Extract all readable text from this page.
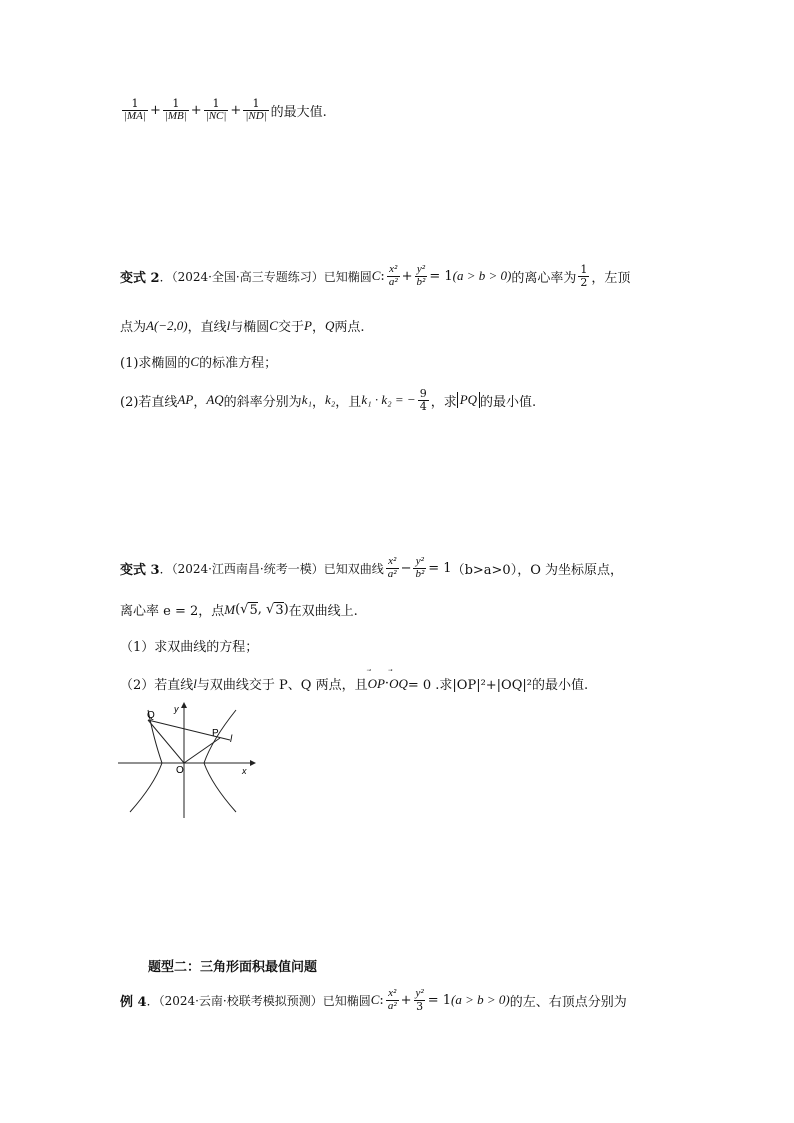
$\frac{1}{|MA|} + \frac{1}{|MB|} + \frac{1}{|NC|} + \frac{1}{|ND|}$ 的最大值.
变式 2 ．（2024·全国·高三专题练习）已知椭圆 C : $\frac{\text{x²}}{\text{a²}} + \frac{\text{y²}}{\text{b²}} = 1$ (a > b > 0) 的离心率为 $\frac{1}{2}$ ，左顶
点为 A(−2,0) ，直线 l 与椭圆 C 交于 P ， Q 两点.
(1)求椭圆的 C 的标准方程；
(2)若直线 AP ， AQ 的斜率分别为 k₁ ， k₂ ，且 k₁ · k₂ = − $\frac{9}{4}$ ，求 PQ 的最小值.
变式 3 ．（2024·江西南昌·统考一模）已知双曲线 $\frac{\text{x²}}{\text{a²}} - \frac{\text{y²}}{\text{b²}} = 1$ （b>a>0），O 为坐标原点，
离心率 e = 2，点 M (√ 5 , √ 3 ) 在双曲线上.
（1）求双曲线的方程；
（2）若直线 l 与双曲线交于 P、Q 两点，且 ⃗ OP · ⃗ OQ = 0 .求|OP|²+|OQ|²的最小值.
Q
P
l
O	x
y
题型二：三角形面积最值问题
例 4 ．（2024·云南·校联考模拟预测）已知椭圆 C : $\frac{\text{x²}}{\text{a²}} + \frac{\text{y²}}{3} = 1$ (a > b > 0) 的左、右顶点分别为
